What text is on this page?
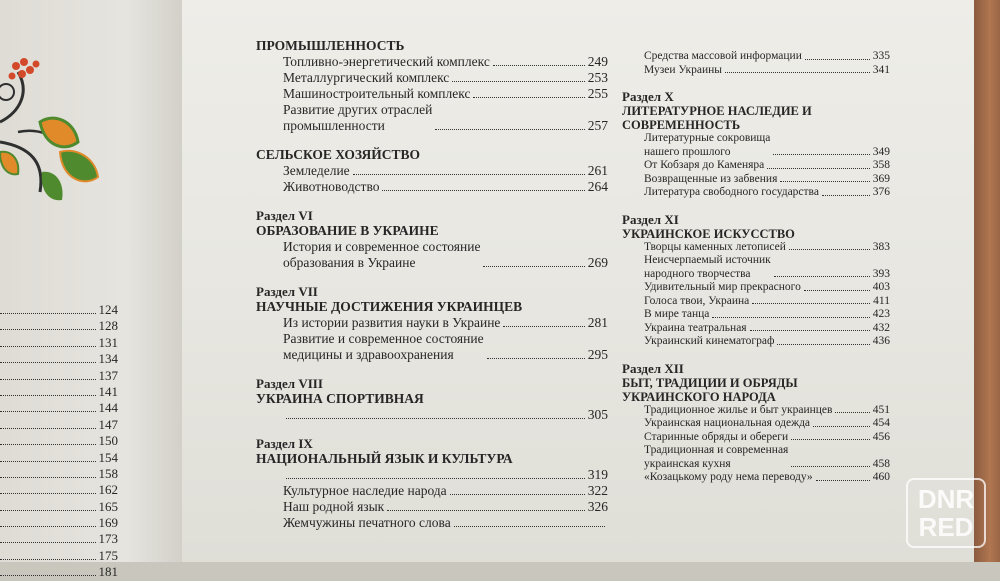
124
128
131
134
137
141
144
147
150
154
158
162
165
169
173
175
181
ПРОМЫШЛЕННОСТЬ
Топливно-энергетический комплекс	249
Металлургический комплекс	253
Машиностроительный комплекс	255
Развитие других отраслей
промышленности	257
СЕЛЬСКОЕ ХОЗЯЙСТВО
Земледелие	261
Животноводство	264
Раздел VI
ОБРАЗОВАНИЕ В УКРАИНЕ
История и современное состояние
образования в Украине	269
Раздел VII
НАУЧНЫЕ ДОСТИЖЕНИЯ УКРАИНЦЕВ
Из истории развития науки в Украине	281
Развитие и современное состояние
медицины и здравоохранения	295
Раздел VIII
УКРАИНА СПОРТИВНАЯ
305
Раздел IX
НАЦИОНАЛЬНЫЙ ЯЗЫК И КУЛЬТУРА
319
Культурное наследие народа	322
Наш родной язык	326
Жемчужины печатного слова
Средства массовой информации	335
Музеи Украины	341
Раздел X
ЛИТЕРАТУРНОЕ НАСЛЕДИЕ И
СОВРЕМЕННОСТЬ
Литературные сокровища
нашего прошлого	349
От Кобзаря до Каменяра	358
Возвращенные из забвения	369
Литература свободного государства	376
Раздел XI
УКРАИНСКОЕ ИСКУССТВО
Творцы каменных летописей	383
Неисчерпаемый источник
народного творчества	393
Удивительный мир прекрасного	403
Голоса твои, Украина	411
В мире танца	423
Украина театральная	432
Украинский кинематограф	436
Раздел XII
БЫТ, ТРАДИЦИИ И ОБРЯДЫ
УКРАИНСКОГО НАРОДА
Традиционное жилье и быт украинцев	451
Украинская национальная одежда	454
Старинные обряды и обереги	456
Традиционная и современная
украинская кухня	458
«Козацькому роду нема переводу»	460
DNR
RED
